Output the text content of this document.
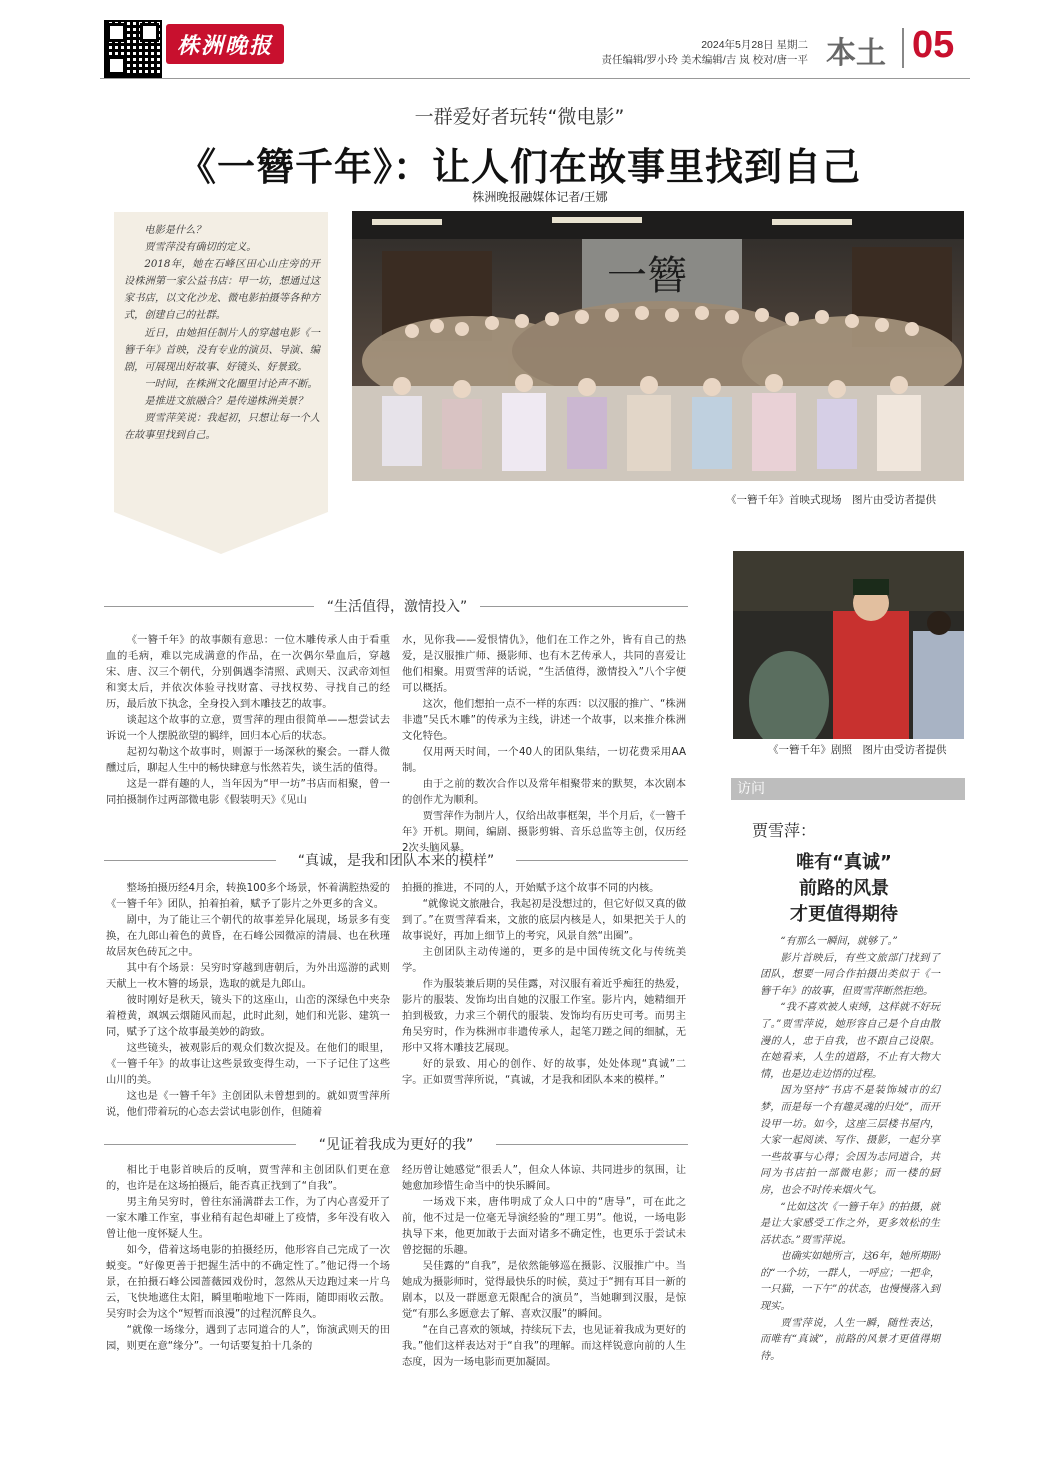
株洲晚报	2024年5月28日 星期二
责任编辑/罗小玲 美术编辑/吉 岚 校对/唐一平 本土 05
一群爱好者玩转“微电影”
《一簪千年》：让人们在故事里找到自己
株洲晚报融媒体记者/王娜

电影是什么？

贾雪萍没有确切的定义。

2018年，她在石峰区田心山庄旁的开设株洲第一家公益书店：甲一坊，想通过这家书店，以文化沙龙、微电影拍摄等各种方式，创建自己的社群。

近日，由她担任制片人的穿越电影《一簪千年》首映，没有专业的演员、导演、编剧，可展现出好故事、好镜头、好景致。

一时间，在株洲文化圈里讨论声不断。

是推进文旅融合？是传递株洲美景？

贾雪萍笑说：我起初，只想让每一个人在故事里找到自己。

一簪
《一簪千年》首映式现场　图片由受访者提供
《一簪千年》剧照　图片由受访者提供
“生活值得，激情投入”

《一簪千年》的故事颇有意思：一位木雕传承人由于看重血的毛病，难以完成满意的作品，在一次偶尔晕血后，穿越宋、唐、汉三个朝代，分别偶遇李清照、武则天、汉武帝刘恒和窦太后，并依次体验寻找财富、寻找权势、寻找自己的经历，最后放下执念，全身投入到木雕技艺的故事。

谈起这个故事的立意，贾雪萍的理由很简单——想尝试去诉说一个人摆脱欲望的羁绊，回归本心后的状态。

起初勾勒这个故事时，则源于一场深秋的聚会。一群人微醺过后，聊起人生中的畅快肆意与怅然若失，谈生活的值得。

这是一群有趣的人，当年因为“甲一坊”书店而相聚，曾一同拍摄制作过两部微电影《假装明天》《见山

水，见你我——爱恨情仇》，他们在工作之外，皆有自己的热爱，是汉服推广师、摄影师、也有木艺传承人，共同的喜爱让他们相聚。用贾雪萍的话说，“生活值得，激情投入”八个字便可以概括。

这次，他们想拍一点不一样的东西：以汉服的推广、“株洲非遗”吴氏木雕”的传承为主线，讲述一个故事，以来推介株洲文化特色。

仅用两天时间，一个40人的团队集结，一切花费采用AA制。

由于之前的数次合作以及常年相聚带来的默契，本次剧本的创作尤为顺利。

贾雪萍作为制片人，仅给出故事框架，半个月后，《一簪千年》开机。期间，编剧、摄影剪辑、音乐总监等主创，仅历经2次头脑风暴。

“真诚，是我和团队本来的模样”

整场拍摄历经4月余，转换100多个场景，怀着满腔热爱的《一簪千年》团队，拍着拍着，赋予了影片之外更多的含义。

剧中，为了能让三个朝代的故事差异化展现，场景多有变换，在九郎山着色的黄昏，在石峰公园微凉的清晨、也在秋瑾故居灰色砖瓦之中。

其中有个场景：吴穷时穿越到唐朝后，为外出巡游的武则天献上一枚木簪的场景，选取的就是九郎山。

彼时刚好是秋天，镜头下的这座山，山峦的深绿色中夹杂着橙黄，飒飒云烟随风而起，此时此刻，她们和光影、建筑一同，赋予了这个故事最美妙的韵致。

这些镜头，被观影后的观众们数次提及。在他们的眼里，《一簪千年》的故事让这些景致变得生动，一下子记住了这些山川的美。

这也是《一簪千年》主创团队未曾想到的。就如贾雪萍所说，他们带着玩的心态去尝试电影创作，但随着

拍摄的推进，不同的人，开始赋予这个故事不同的内核。

“就像说文旅融合，我起初是没想过的，但它好似又真的做到了。”在贾雪萍看来，文旅的底层内核是人，如果把关于人的故事说好，再加上细节上的考究，风景自然“出圈”。

主创团队主动传递的，更多的是中国传统文化与传统美学。

作为服装兼后期的吴佳露，对汉服有着近乎痴狂的热爱，影片的服装、发饰均出自她的汉服工作室。影片内，她精细开拍到极致，力求三个朝代的服装、发饰均有历史可考。而男主角吴穷时，作为株洲市非遗传承人，起笔刀蹉之间的细腻，无形中又将木雕技艺展现。

好的景致、用心的创作、好的故事，处处体现“真诚”二字。正如贾雪萍所说，“真诚，才是我和团队本来的模样。”

“见证着我成为更好的我”

相比于电影首映后的反响，贾雪萍和主创团队们更在意的，也许是在这场拍摄后，能否真正找到了“自我”。

男主角吴穷时，曾往东涌满群去工作，为了内心喜爱开了一家木雕工作室，事业稍有起色却碰上了疫情，多年没有收入曾让他一度怀疑人生。

如今，借着这场电影的拍摄经历，他形容自己完成了一次蜕变。“好像更善于把握生活中的不确定性了。”他记得一个场景，在拍摄石峰公园蔷薇园戏份时，忽然从天边跑过来一片乌云，飞快地遮住太阳，瞬里啪啦地下一阵雨，随即雨收云散。吴穷时会为这个“短暂而浪漫”的过程沉醉良久。

“就像一场缘分，遇到了志同道合的人”，饰演武则天的田园，则更在意“缘分”。一句话要复拍十几条的

经历曾让她感觉“很丢人”，但众人体谅、共同进步的氛围，让她愈加珍惜生命当中的快乐瞬间。

一场戏下来，唐伟明成了众人口中的“唐导”，可在此之前，他不过是一位毫无导演经验的“理工男”。他说，一场电影执导下来，他更加敢于去面对诸多不确定性，也更乐于尝试未曾挖掘的乐趣。

吴佳露的“自我”，是依然能够巡在摄影、汉服推广中。当她成为摄影师时，觉得最快乐的时候，莫过于“拥有耳目一新的剧本，以及一群愿意无限配合的演员”，当她聊到汉服，是惊觉“有那么多愿意去了解、喜欢汉服”的瞬间。

“在自己喜欢的领域，持续玩下去，也见证着我成为更好的我。”他们这样表达对于“自我”的理解。而这样锐意向前的人生态度，因为一场电影而更加凝固。

访问
贾雪萍：
唯有“真诚”
前路的风景
才更值得期待

“有那么一瞬间，就够了。”

影片首映后，有些文旅部门找到了团队，想要一同合作拍摄出类似于《一簪千年》的故事，但贾雪萍断然拒绝。

“我不喜欢被人束缚，这样就不好玩了。”贾雪萍说，她形容自己是个自由散漫的人，忠于自我，也不跟自己设限。在她看来，人生的道路，不止有大物大情，也是边走边悟的过程。

因为坚持“书店不是装饰城市的幻梦，而是每一个有趣灵魂的归处”，而开设甲一坊。如今，这座三层楼书屋内，大家一起阅读、写作、摄影，一起分享一些故事与心得；会因为志同道合，共同为书店拍一部微电影；而一楼的厨房，也会不时传来烟火气。

“比如这次《一簪千年》的拍摄，就是让大家感受工作之外，更多效松的生活状态。”贾雪萍说。

也确实如她所言，这6年，她所期盼的“一个坊，一群人，一呼应；一把伞，一只猫，一下午”的状态，也慢慢落入到现实。

贾雪萍说，人生一瞬，随性表达，而唯有“真诚”，前路的风景才更值得期待。
